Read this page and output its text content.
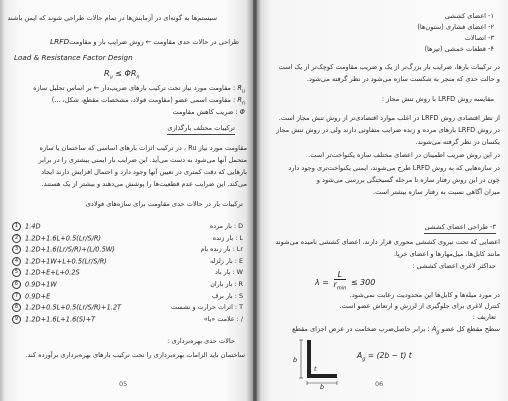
سیستم‌ها به گونه‌ای در آزمایش‌ها در تمام حالات طراحی شوند که ایمن باشند
طراحی در حالات حدی مقاومت ← روش ضرایب بار و مقاومت
LRFD
Load & Resistance Factor Design
$R_u \le \Phi R_n$
$R_u$ : مقاومت مورد نیاز تحت ترکیب بارهای ضریب‌دار ← بر اساس تحلیل سازه
$R_n$ : مقاومت اسمی عضو (مقاومت فولاد، مشخصات مقطع، شکل، ...)
Φ : ضریب کاهش مقاومت
ترکیبات مختلف بارگذاری
مقاومت مورد نیاز Ru ، در ترکیب اثرات بارهای اساسی که ساختمان یا سازه
متحمل آنها می‌شود به دست می‌آید. این ضرایب بار ایمنی بیشتری را در برابر
بارهایی که دقت کمتری در تعیین آنها وجود دارد و احتمال افزایش دارند ایجاد
می‌کند. این ضرایب عدم قطعیت‌ها را پوشش می‌دهند و بیشتر از یک هستند.
ترکیبات بار در حالات حدی مقاومت برای سازه‌های فولادی
1 1.4D
2 1.2D+1.6L+0.5(Lr/S/R)
3 1.2D+1.6(Lr/S/R)+(L/0.5W)
4 1.2D+1W+L+0.5(Lr/S/R)
5 1.2D+E+L+0.2S
6 0.9D+1W
7 0.9D+E
8 1.2D+0.5L+0.5(Lr/S/R)+1.2T
9 1.2D+1.6L+1.6(S)+T
D : بار مرده
L : بار زنده
Lr : بار زنده بام
E : بار زلزله
W : بار باد
R : بار باران
S : بار برف
T : اثرات حرارت و نشست
/ : علامت «یا»
حالات حدی بهره‌برداری :
ساختمان باید الزامات بهره‌برداری را تحت ترکیب بارهای بهره‌برداری برآورده کند.
05
۱- اعضای کششی
۲- اعضای فشاری (ستون‌ها)
۳- اتصالات
۴- قطعات خمشی (تیرها)
در ترکیبات بارها، ضرایب بار بزرگ‌تر از یک و ضریب مقاومت کوچک‌تر از یک است
و حالت حدی که منجر به شکست سازه می‌شود در نظر گرفته می‌شود.
مقایسه روش LRFD با روش تنش مجاز :
از نظر اقتصادی روش LRFD در اغلب موارد اقتصادی‌تر از روش تنش مجاز است.
در روش LRFD بارهای مرده و زنده ضرایب متفاوتی دارند ولی در روش تنش مجاز
یکسان در نظر گرفته می‌شوند.
در این روش ضریب اطمینان در اعضای مختلف سازه یکنواخت‌تر است.
در سازه‌هایی که به روش LRFD طرح می‌شوند، ایمنی یکنواخت‌تری وجود دارد
چون در این روش رفتار سازه تا مرحله گسیختگی بررسی می‌شود و
میزان آگاهی نسبت به رفتار سازه بیشتر است.
۳- طراحی اعضای کششی
اعضایی که تحت نیروی کششی محوری قرار دارند، اعضای کششی نامیده می‌شوند
مانند کابل‌ها، میل‌مهارها و اعضای خرپا.
حداکثر لاغری اعضای کششی :
$\lambda = \frac{L}{r_{min}} \le 300$
در مورد میله‌ها و کابل‌ها این محدودیت رعایت نمی‌شود.
کنترل لاغری برای جلوگیری از لرزش و ارتعاش عضو است.
تعاریف :
سطح مقطع کل عضو $A_g$ : برابر حاصل‌ضرب ضخامت در عرض اجزای مقطع
b
b
t
$A_g = (2b - t)$ t
06
